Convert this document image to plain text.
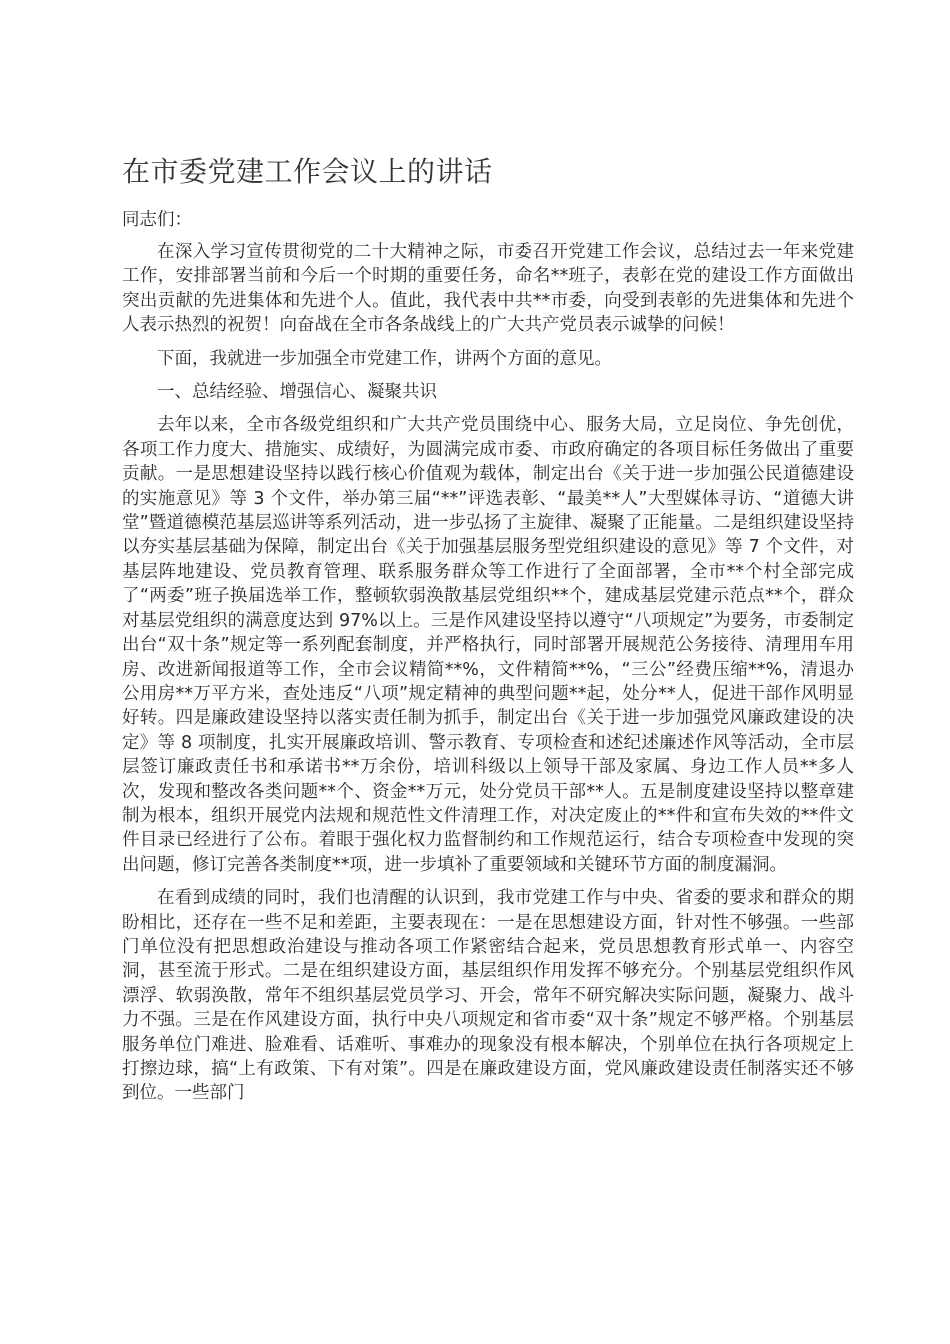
在市委党建工作会议上的讲话

同志们：

在深入学习宣传贯彻党的二十大精神之际，市委召开党建工作会议，总结过去一年来党建工作，安排部署当前和今后一个时期的重要任务，命名**班子，表彰在党的建设工作方面做出突出贡献的先进集体和先进个人。值此，我代表中共**市委，向受到表彰的先进集体和先进个人表示热烈的祝贺！向奋战在全市各条战线上的广大共产党员表示诚挚的问候！

下面，我就进一步加强全市党建工作，讲两个方面的意见。

一、总结经验、增强信心、凝聚共识

去年以来，全市各级党组织和广大共产党员围绕中心、服务大局，立足岗位、争先创优，各项工作力度大、措施实、成绩好，为圆满完成市委、市政府确定的各项目标任务做出了重要贡献。一是思想建设坚持以践行核心价值观为载体，制定出台《关于进一步加强公民道德建设的实施意见》等 3 个文件，举办第三届“**”评选表彰、“最美**人”大型媒体寻访、“道德大讲堂”暨道德模范基层巡讲等系列活动，进一步弘扬了主旋律、凝聚了正能量。二是组织建设坚持以夯实基层基础为保障，制定出台《关于加强基层服务型党组织建设的意见》等 7 个文件，对基层阵地建设、党员教育管理、联系服务群众等工作进行了全面部署，全市**个村全部完成了“两委”班子换届选举工作，整顿软弱涣散基层党组织**个，建成基层党建示范点**个，群众对基层党组织的满意度达到 97%以上。三是作风建设坚持以遵守“八项规定”为要务，市委制定出台“双十条”规定等一系列配套制度，并严格执行，同时部署开展规范公务接待、清理用车用房、改进新闻报道等工作，全市会议精简**%，文件精简**%，“三公”经费压缩**%，清退办公用房**万平方米，查处违反“八项”规定精神的典型问题**起，处分**人，促进干部作风明显好转。四是廉政建设坚持以落实责任制为抓手，制定出台《关于进一步加强党风廉政建设的决定》等 8 项制度，扎实开展廉政培训、警示教育、专项检查和述纪述廉述作风等活动，全市层层签订廉政责任书和承诺书**万余份，培训科级以上领导干部及家属、身边工作人员**多人次，发现和整改各类问题**个、资金**万元，处分党员干部**人。五是制度建设坚持以整章建制为根本，组织开展党内法规和规范性文件清理工作，对决定废止的**件和宣布失效的**件文件目录已经进行了公布。着眼于强化权力监督制约和工作规范运行，结合专项检查中发现的突出问题，修订完善各类制度**项，进一步填补了重要领域和关键环节方面的制度漏洞。

在看到成绩的同时，我们也清醒的认识到，我市党建工作与中央、省委的要求和群众的期盼相比，还存在一些不足和差距，主要表现在：一是在思想建设方面，针对性不够强。一些部门单位没有把思想政治建设与推动各项工作紧密结合起来，党员思想教育形式单一、内容空洞，甚至流于形式。二是在组织建设方面，基层组织作用发挥不够充分。个别基层党组织作风漂浮、软弱涣散，常年不组织基层党员学习、开会，常年不研究解决实际问题，凝聚力、战斗力不强。三是在作风建设方面，执行中央八项规定和省市委“双十条”规定不够严格。个别基层服务单位门难进、脸难看、话难听、事难办的现象没有根本解决，个别单位在执行各项规定上打擦边球，搞“上有政策、下有对策”。四是在廉政建设方面，党风廉政建设责任制落实还不够到位。一些部门
